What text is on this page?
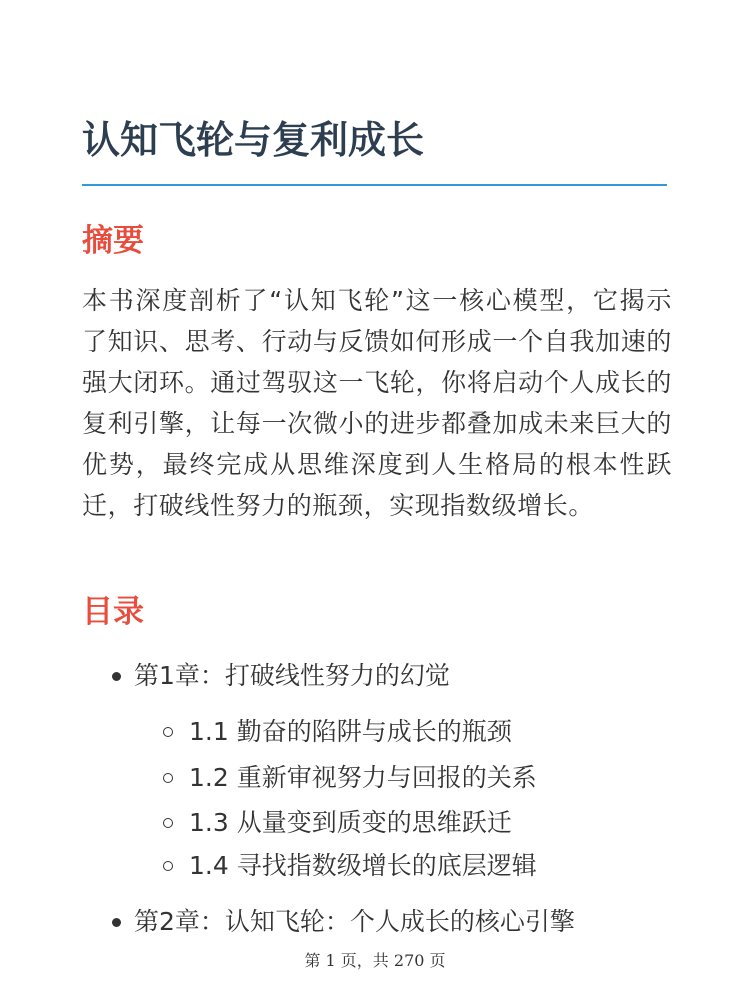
认知飞轮与复利成长
摘要

本书深度剖析了“认知飞轮”这一核心模型，它揭示了知识、思考、行动与反馈如何形成一个自我加速的强大闭环。通过驾驭这一飞轮，你将启动个人成长的复利引擎，让每一次微小的进步都叠加成未来巨大的优势，最终完成从思维深度到人生格局的根本性跃迁，打破线性努力的瓶颈，实现指数级增长。

目录
第1章：打破线性努力的幻觉
1.1 勤奋的陷阱与成长的瓶颈
1.2 重新审视努力与回报的关系
1.3 从量变到质变的思维跃迁
1.4 寻找指数级增长的底层逻辑
第2章：认知飞轮：个人成长的核心引擎
第 1 页，共 270 页
